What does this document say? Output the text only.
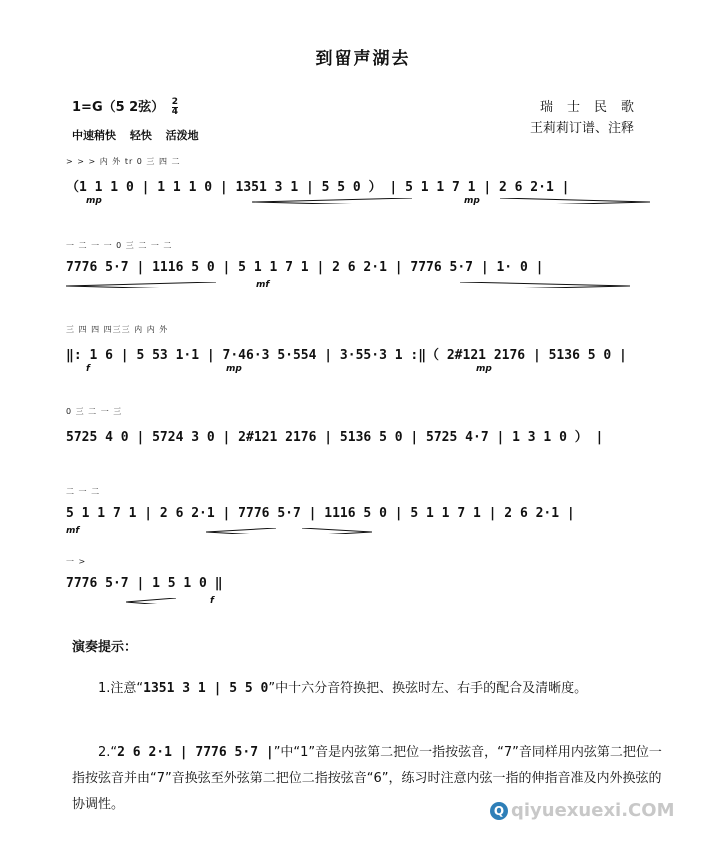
到留声湖去
1=G（5 2弦） $\frac{2}{4}$	瑞士民歌
王莉莉订谱、注释
中速稍快 轻快 活泼地
> > > 内 外 tr 0 三 四 二
（1 1 1 0 | 1 1 1 0 | 1351 3 1 | 5 5 0 ） | 5 1 1 7 1 | 2 6 2·1 |
mp	mp
一 二 一 一 0 三 二 一 二
7776 5·7 | 1116 5 0 | 5 1 1 7 1 | 2 6 2·1 | 7776 5·7 | 1· 0 |
mf
三 四 四 四三三 内 内 外
‖: 1 6 | 5 53 1·1 | 7·46·3 5·554 | 3·55·3 1 :‖（ 2#121 2176 | 5136 5 0 |
f	mp	mp
0 三 二 一 三
5725 4 0 | 5724 3 0 | 2#121 2176 | 5136 5 0 | 5725 4·7 | 1 3 1 0 ） |
二 一 二
5 1 1 7 1 | 2 6 2·1 | 7776 5·7 | 1116 5 0 | 5 1 1 7 1 | 2 6 2·1 |
mf
一 >
7776 5·7 | 1 5 1 0 ‖
f
演奏提示：
1.注意“1351 3 1 | 5 5 0”中十六分音符换把、换弦时左、右手的配合及清晰度。
2.“2 6 2·1 | 7776 5·7 |”中“1”音是内弦第二把位一指按弦音，“7”音同样用内弦第二把位一指按弦音并由“7”音换弦至外弦第二把位二指按弦音“6”，练习时注意内弦一指的伸指音准及内外换弦的协调性。	Q qiyuexuexi.COM
